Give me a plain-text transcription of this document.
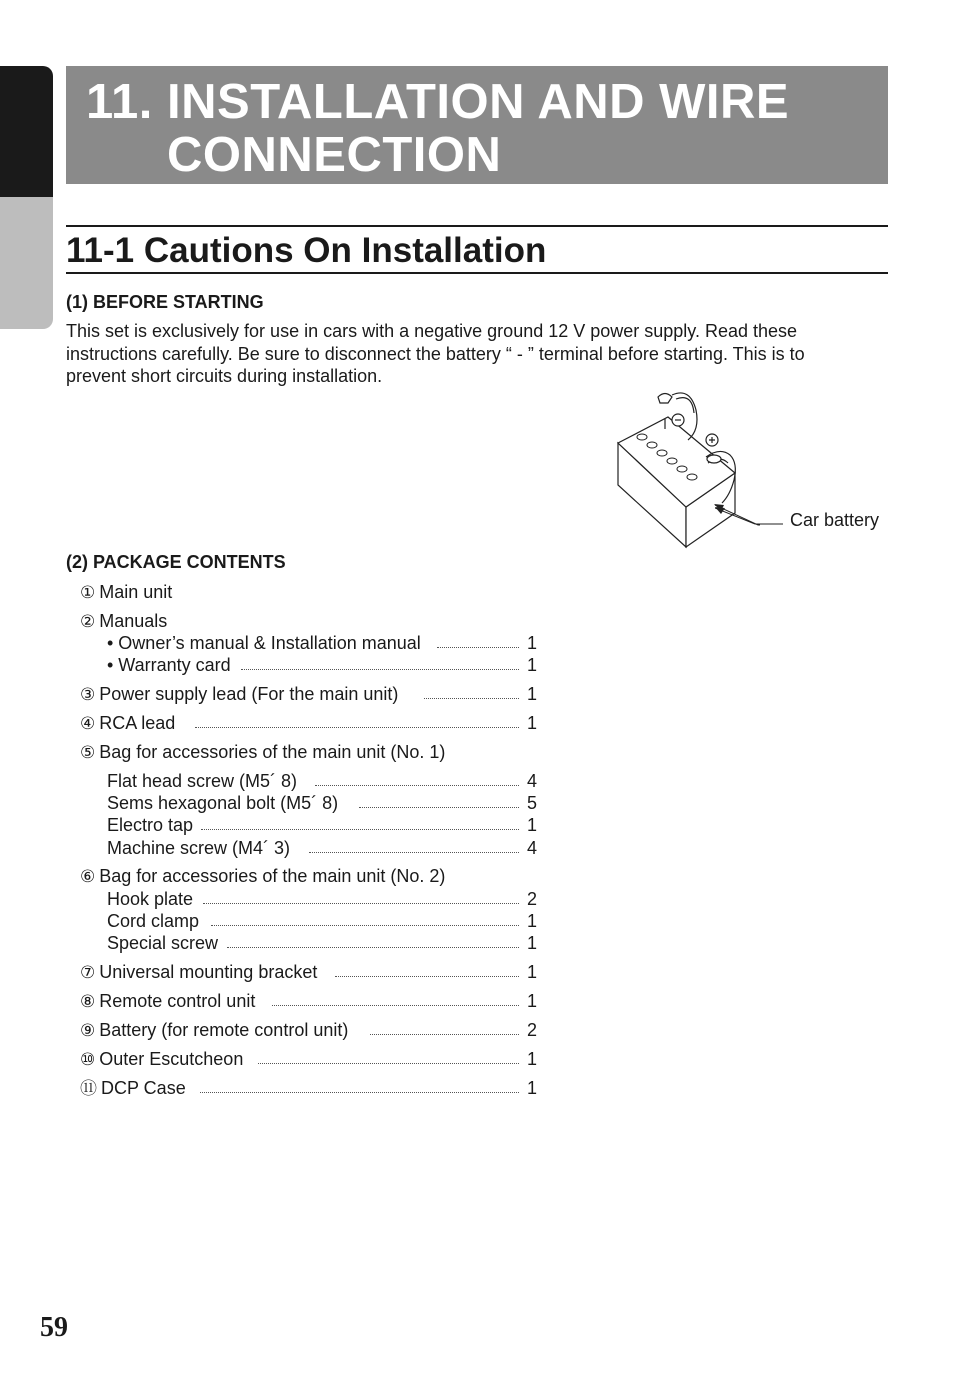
11. INSTALLATION AND WIRE
CONNECTION
11-1 Cautions On Installation
(1) BEFORE STARTING
This set is exclusively for use in cars with a negative ground 12 V power supply. Read these
instructions carefully. Be sure to disconnect the battery “ - ” terminal before starting. This is to
prevent short circuits during installation.
Car battery
(2) PACKAGE CONTENTS
① Main unit
② Manuals
• Owner’s manual & Installation manual	1
• Warranty card	1
③ Power supply lead (For the main unit)	1
④ RCA lead	1
⑤ Bag for accessories of the main unit (No. 1)
Flat head screw (M5´ 8)	4
Sems hexagonal bolt (M5´ 8)	5
Electro tap	1
Machine screw (M4´ 3)	4
⑥ Bag for accessories of the main unit (No. 2)
Hook plate	2
Cord clamp	1
Special screw	1
⑦ Universal mounting bracket	1
⑧ Remote control unit	1
⑨ Battery (for remote control unit)	2
⑩ Outer Escutcheon	1
⑪ DCP Case	1
59
